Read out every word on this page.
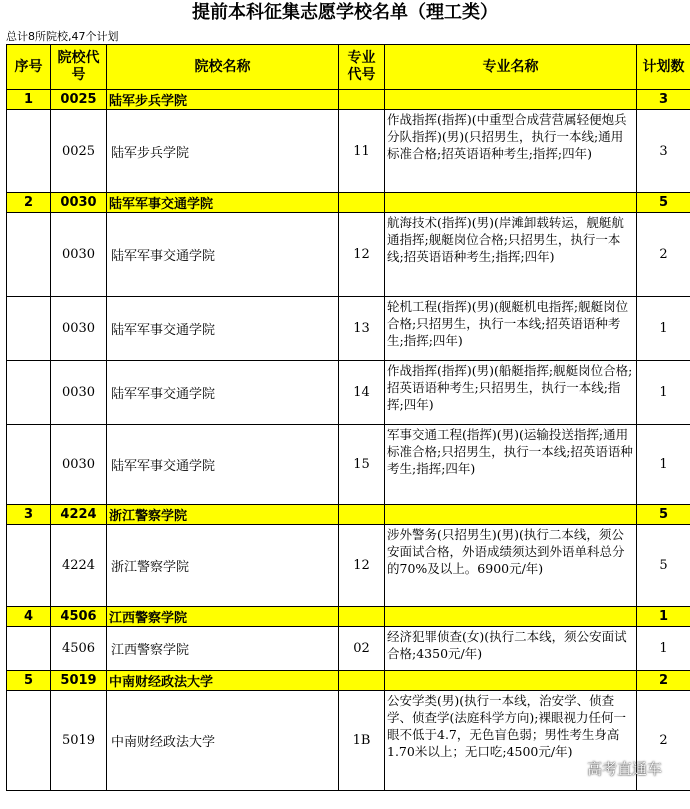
提前本科征集志愿学校名单（理工类）
总计8所院校,47个计划
序号	院校代号	院校名称	专业代号	专业名称	计划数
1	0025	陆军步兵学院			3
	0025	陆军步兵学院	11	作战指挥(指挥)(中重型合成营营属轻便炮兵分队指挥)(男)(只招男生，执行一本线;通用标准合格;招英语语种考生;指挥;四年)	3
2	0030	陆军军事交通学院			5
	0030	陆军军事交通学院	12	航海技术(指挥)(男)(岸滩卸载转运，舰艇航通指挥;舰艇岗位合格;只招男生，执行一本线;招英语语种考生;指挥;四年)	2
	0030	陆军军事交通学院	13	轮机工程(指挥)(男)(舰艇机电指挥;舰艇岗位合格;只招男生，执行一本线;招英语语种考生;指挥;四年)	1
	0030	陆军军事交通学院	14	作战指挥(指挥)(男)(船艇指挥;舰艇岗位合格;招英语语种考生;只招男生，执行一本线;指挥;四年)	1
	0030	陆军军事交通学院	15	军事交通工程(指挥)(男)(运输投送指挥;通用标准合格;只招男生，执行一本线;招英语语种考生;指挥;四年)	1
3	4224	浙江警察学院			5
	4224	浙江警察学院	12	涉外警务(只招男生)(男)(执行二本线，须公安面试合格，外语成绩须达到外语单科总分的70%及以上。6900元/年)	5
4	4506	江西警察学院			1
	4506	江西警察学院	02	经济犯罪侦查(女)(执行二本线，须公安面试合格;4350元/年)	1
5	5019	中南财经政法大学			2
	5019	中南财经政法大学	1B	公安学类(男)(执行一本线，治安学、侦查学、侦查学(法庭科学方向);裸眼视力任何一眼不低于4.7，无色盲色弱；男性考生身高1.70米以上；无口吃;4500元/年)	2
高考直通车
